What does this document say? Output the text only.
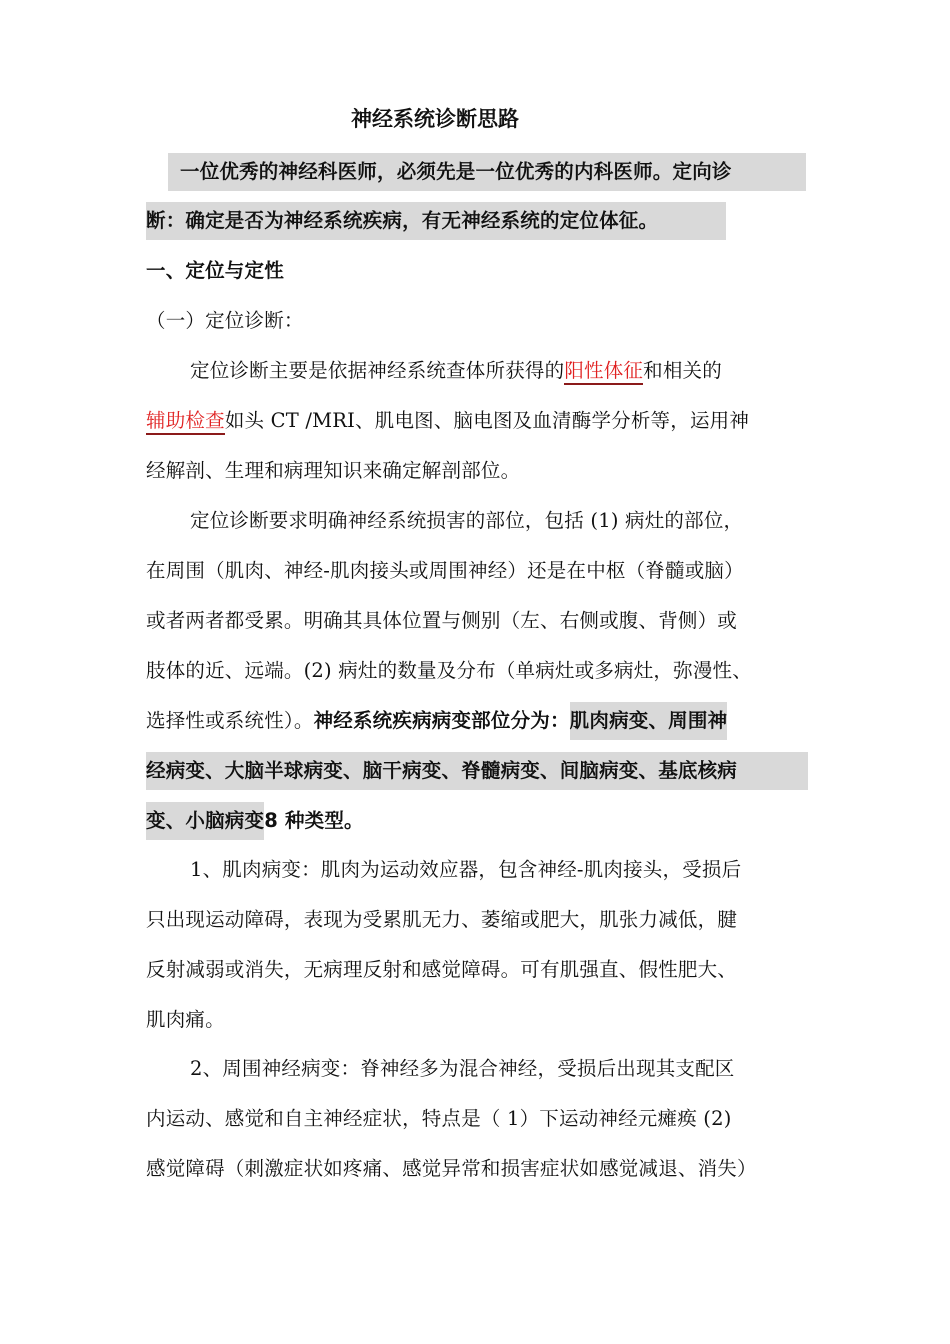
神经系统诊断思路
一位优秀的神经科医师，必须先是一位优秀的内科医师。定向诊
断：确定是否为神经系统疾病，有无神经系统的定位体征。
一、定位与定性
（一）定位诊断：
定位诊断主要是依据神经系统查体所获得的阳性体征和相关的
辅助检查如头 CT /MRI、肌电图、脑电图及血清酶学分析等，运用神
经解剖、生理和病理知识来确定解剖部位。
定位诊断要求明确神经系统损害的部位，包括 (1) 病灶的部位，
在周围（肌肉、神经-肌肉接头或周围神经）还是在中枢（脊髓或脑）
或者两者都受累。明确其具体位置与侧别（左、右侧或腹、背侧）或
肢体的近、远端。(2) 病灶的数量及分布（单病灶或多病灶，弥漫性、
选择性或系统性）。神经系统疾病病变部位分为：肌肉病变、周围神
经病变、大脑半球病变、脑干病变、脊髓病变、间脑病变、基底核病
变、小脑病变8 种类型。
1、肌肉病变：肌肉为运动效应器，包含神经-肌肉接头，受损后
只出现运动障碍，表现为受累肌无力、萎缩或肥大，肌张力减低，腱
反射减弱或消失，无病理反射和感觉障碍。可有肌强直、假性肥大、
肌肉痛。
2、周围神经病变：脊神经多为混合神经，受损后出现其支配区
内运动、感觉和自主神经症状，特点是（ 1）下运动神经元瘫痪 (2)
感觉障碍（刺激症状如疼痛、感觉异常和损害症状如感觉减退、消失）
